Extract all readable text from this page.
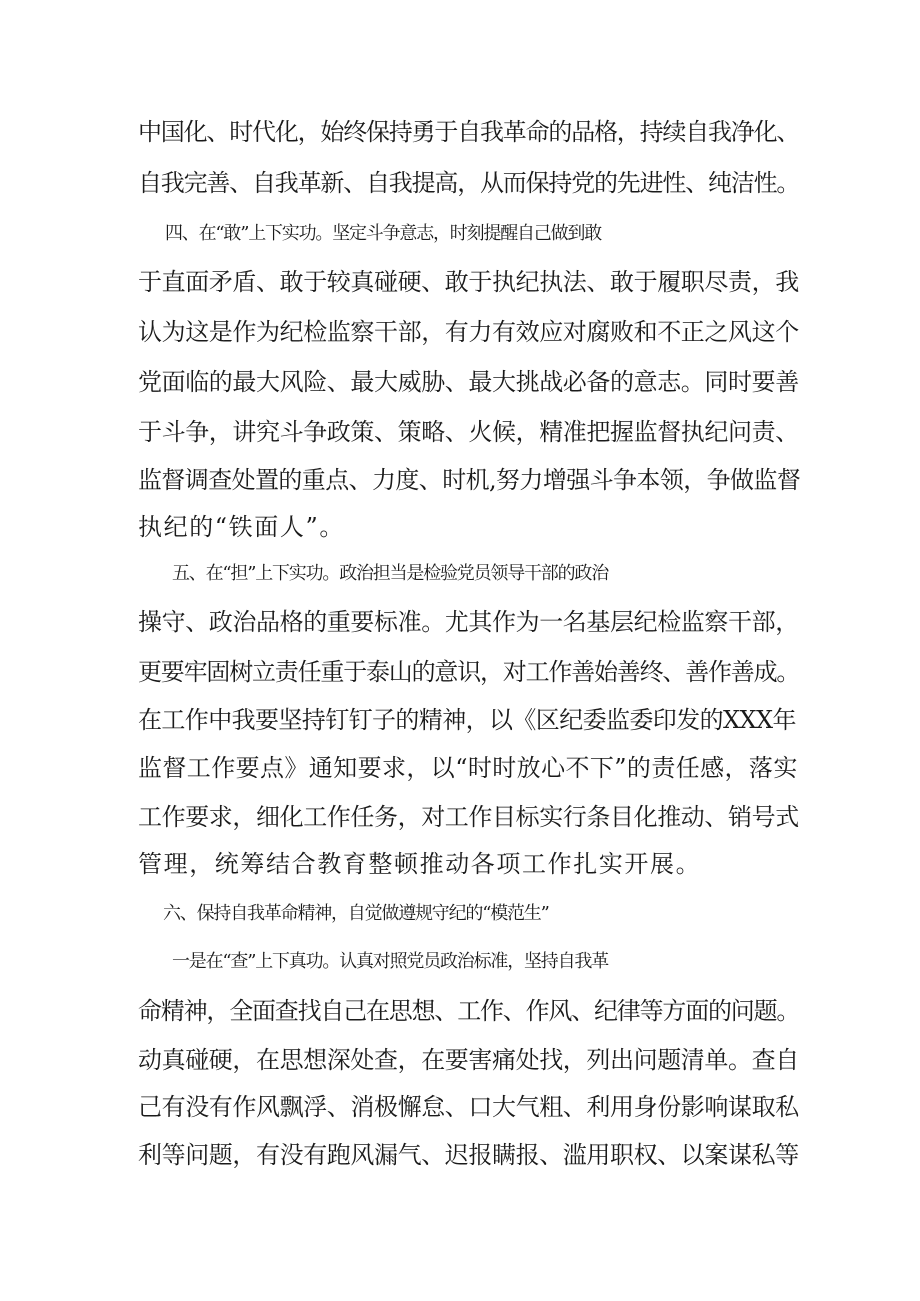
中国化、时代化，始终保持勇于自我革命的品格，持续自我净化、
自我完善、自我革新、自我提高，从而保持党的先进性、纯洁性。
四、在“敢”上下实功。坚定斗争意志，时刻提醒自己做到敢
于直面矛盾、敢于较真碰硬、敢于执纪执法、敢于履职尽责，我
认为这是作为纪检监察干部，有力有效应对腐败和不正之风这个
党面临的最大风险、最大威胁、最大挑战必备的意志。同时要善
于斗争，讲究斗争政策、策略、火候，精准把握监督执纪问责、
监督调查处置的重点、力度、时机,努力增强斗争本领，争做监督
执纪的“铁面人”。
五、在“担”上下实功。政治担当是检验党员领导干部的政治
操守、政治品格的重要标准。尤其作为一名基层纪检监察干部，
更要牢固树立责任重于泰山的意识，对工作善始善终、善作善成。
在工作中我要坚持钉钉子的精神，以《区纪委监委印发的XXX年
监督工作要点》通知要求，以“时时放心不下”的责任感，落实
工作要求，细化工作任务，对工作目标实行条目化推动、销号式
管理，统筹结合教育整顿推动各项工作扎实开展。
六、保持自我革命精神，自觉做遵规守纪的“模范生”
一是在“查”上下真功。认真对照党员政治标准，坚持自我革
命精神，全面查找自己在思想、工作、作风、纪律等方面的问题。
动真碰硬，在思想深处查，在要害痛处找，列出问题清单。查自
己有没有作风飘浮、消极懈怠、口大气粗、利用身份影响谋取私
利等问题，有没有跑风漏气、迟报瞒报、滥用职权、以案谋私等
